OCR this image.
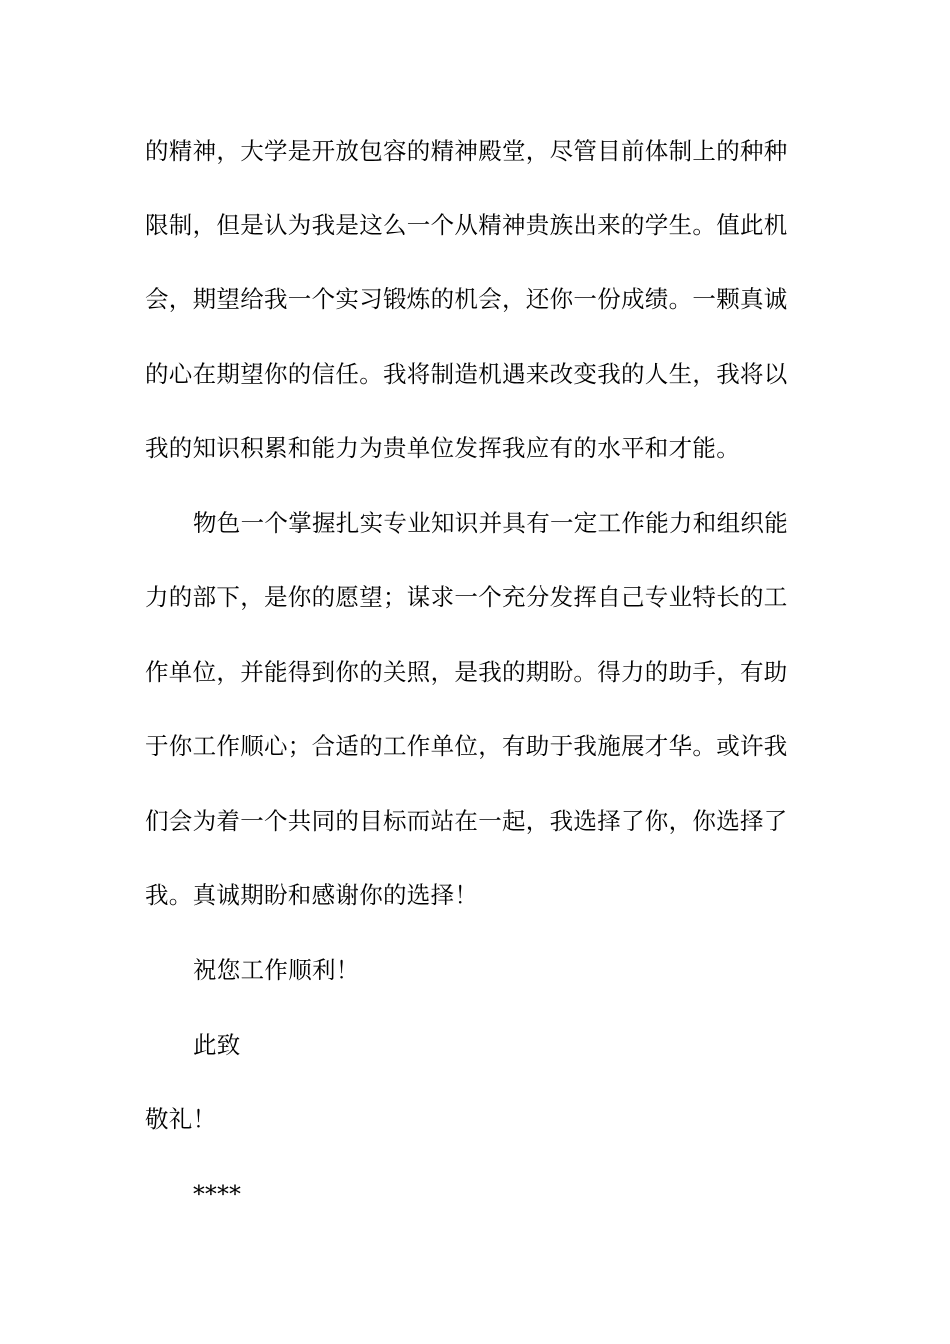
的精神，大学是开放包容的精神殿堂，尽管目前体制上的种种
限制，但是认为我是这么一个从精神贵族出来的学生。值此机
会，期望给我一个实习锻炼的机会，还你一份成绩。一颗真诚
的心在期望你的信任。我将制造机遇来改变我的人生，我将以
我的知识积累和能力为贵单位发挥我应有的水平和才能。
物色一个掌握扎实专业知识并具有一定工作能力和组织能
力的部下，是你的愿望；谋求一个充分发挥自己专业特长的工
作单位，并能得到你的关照，是我的期盼。得力的助手，有助
于你工作顺心；合适的工作单位，有助于我施展才华。或许我
们会为着一个共同的目标而站在一起，我选择了你，你选择了
我。真诚期盼和感谢你的选择！
祝您工作顺利！
此致
敬礼！
****
